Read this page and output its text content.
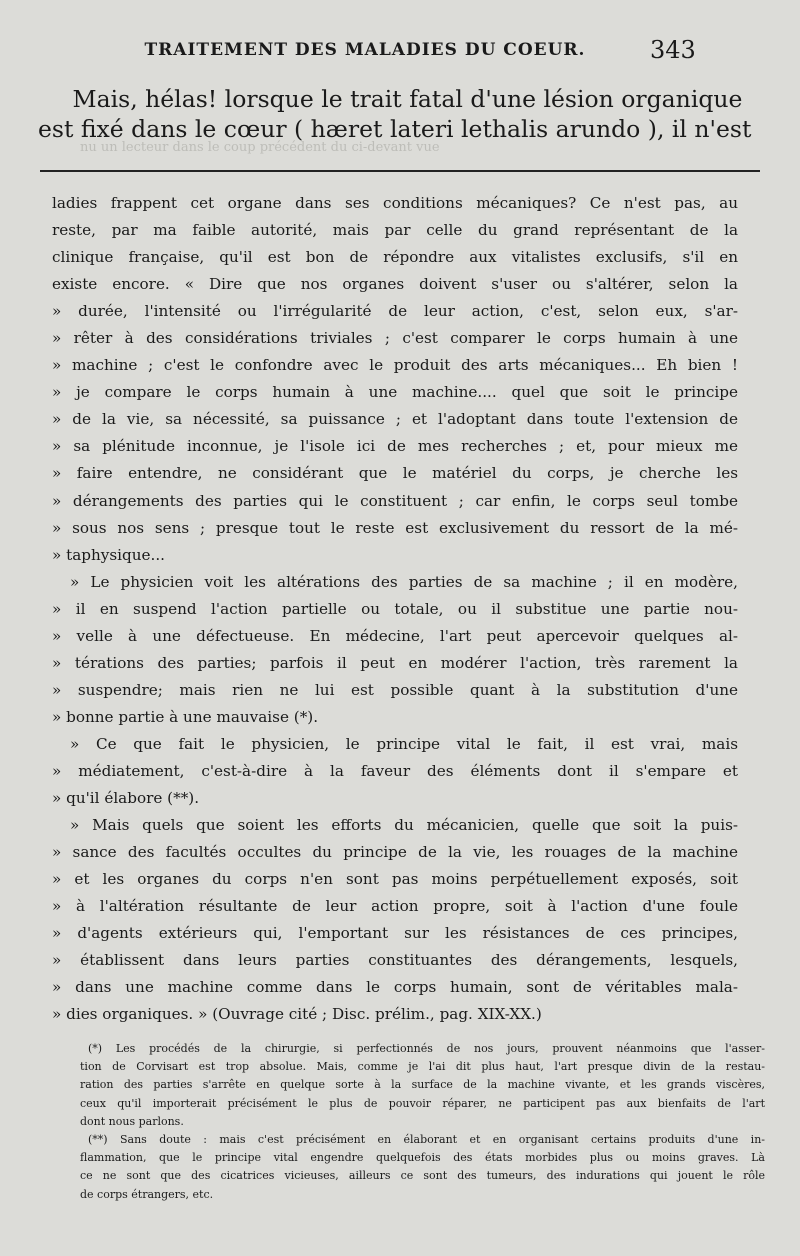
TRAITEMENT DES MALADIES DU COEUR.	343
Mais, hélas! lorsque le trait fatal d'une lésion organique
est fixé dans le cœur ( hæret lateri lethalis arundo ), il n'est
nu un lecteur dans le coup précédent du ci-devant vue
ladies frappent cet organe dans ses conditions mécaniques? Ce n'est pas, au
reste, par ma faible autorité, mais par celle du grand représentant de la
clinique française, qu'il est bon de répondre aux vitalistes exclusifs, s'il en
existe encore. « Dire que nos organes doivent s'user ou s'altérer, selon la
» durée, l'intensité ou l'irrégularité de leur action, c'est, selon eux, s'ar-
» rêter à des considérations triviales ; c'est comparer le corps humain à une
» machine ; c'est le confondre avec le produit des arts mécaniques... Eh bien !
» je compare le corps humain à une machine.... quel que soit le principe
» de la vie, sa nécessité, sa puissance ; et l'adoptant dans toute l'extension de
» sa plénitude inconnue, je l'isole ici de mes recherches ; et, pour mieux me
» faire entendre, ne considérant que le matériel du corps, je cherche les
» dérangements des parties qui le constituent ; car enfin, le corps seul tombe
» sous nos sens ; presque tout le reste est exclusivement du ressort de la mé-
» taphysique...
» Le physicien voit les altérations des parties de sa machine ; il en modère,
» il en suspend l'action partielle ou totale, ou il substitue une partie nou-
» velle à une défectueuse. En médecine, l'art peut apercevoir quelques al-
» térations des parties; parfois il peut en modérer l'action, très rarement la
» suspendre; mais rien ne lui est possible quant à la substitution d'une
» bonne partie à une mauvaise (*).
» Ce que fait le physicien, le principe vital le fait, il est vrai, mais
» médiatement, c'est-à-dire à la faveur des éléments dont il s'empare et
» qu'il élabore (**).
» Mais quels que soient les efforts du mécanicien, quelle que soit la puis-
» sance des facultés occultes du principe de la vie, les rouages de la machine
» et les organes du corps n'en sont pas moins perpétuellement exposés, soit
» à l'altération résultante de leur action propre, soit à l'action d'une foule
» d'agents extérieurs qui, l'emportant sur les résistances de ces principes,
» établissent dans leurs parties constituantes des dérangements, lesquels,
» dans une machine comme dans le corps humain, sont de véritables mala-
» dies organiques. » (Ouvrage cité ; Disc. prélim., pag. XIX-XX.)
(*) Les procédés de la chirurgie, si perfectionnés de nos jours, prouvent néanmoins que l'asser-
tion de Corvisart est trop absolue. Mais, comme je l'ai dit plus haut, l'art presque divin de la restau-
ration des parties s'arrête en quelque sorte à la surface de la machine vivante, et les grands viscères,
ceux qu'il importerait précisément le plus de pouvoir réparer, ne participent pas aux bienfaits de l'art
dont nous parlons.
(**) Sans doute : mais c'est précisément en élaborant et en organisant certains produits d'une in-
flammation, que le principe vital engendre quelquefois des états morbides plus ou moins graves. Là
ce ne sont que des cicatrices vicieuses, ailleurs ce sont des tumeurs, des indurations qui jouent le rôle
de corps étrangers, etc.
